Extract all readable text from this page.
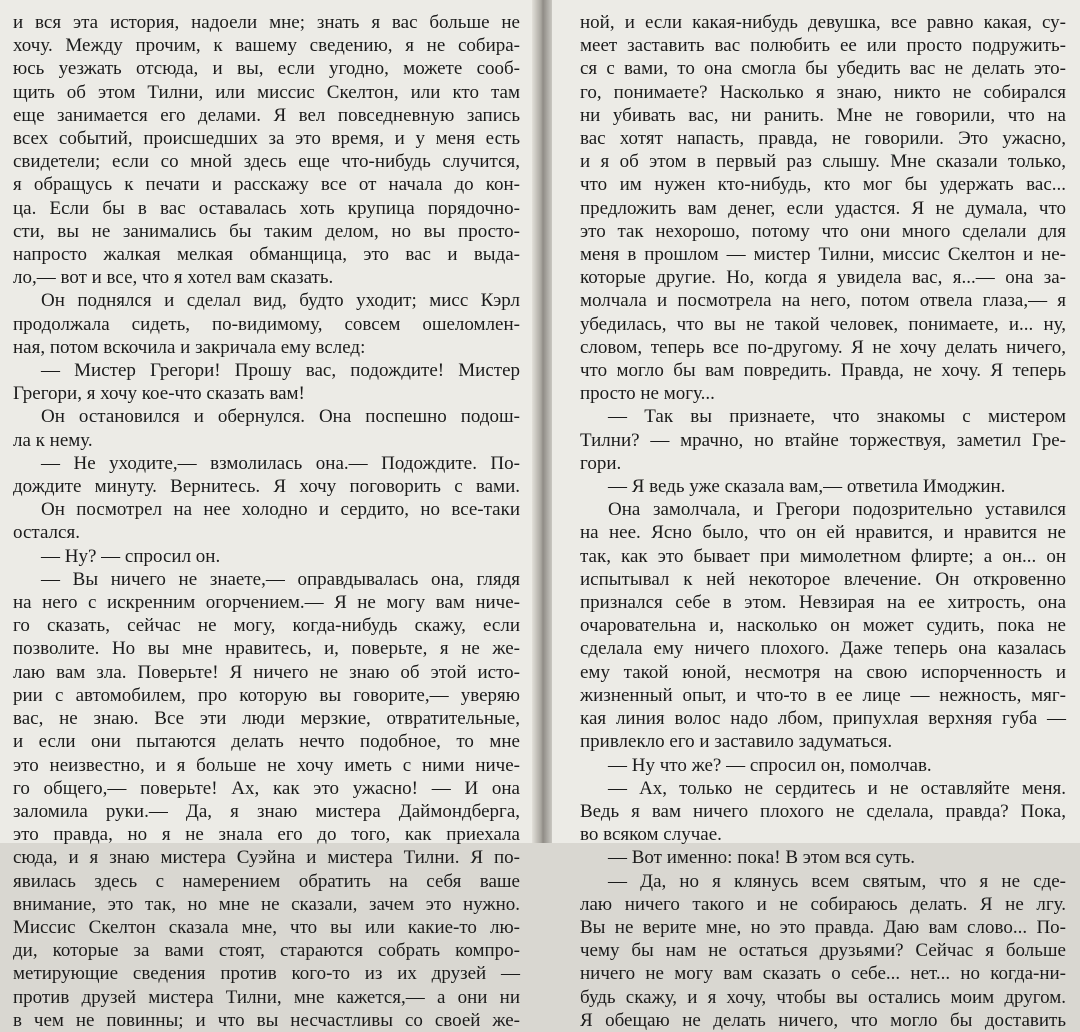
и вся эта история, надоели мне; знать я вас больше не

хочу. Между прочим, к вашему сведению, я не собира-

юсь уезжать отсюда, и вы, если угодно, можете сооб-

щить об этом Тилни, или миссис Скелтон, или кто там

еще занимается его делами. Я вел повседневную запись

всех событий, происшедших за это время, и у меня есть

свидетели; если со мной здесь еще что-нибудь случится,

я обращусь к печати и расскажу все от начала до кон-

ца. Если бы в вас оставалась хоть крупица порядочно-

сти, вы не занимались бы таким делом, но вы просто-

напросто жалкая мелкая обманщица, это вас и выда-

ло,— вот и все, что я хотел вам сказать.

Он поднялся и сделал вид, будто уходит; мисс Кэрл

продолжала сидеть, по-видимому, совсем ошеломлен-

ная, потом вскочила и закричала ему вслед:

— Мистер Грегори! Прошу вас, подождите! Мистер

Грегори, я хочу кое-что сказать вам!

Он остановился и обернулся. Она поспешно подош-

ла к нему.

— Не уходите,— взмолилась она.— Подождите. По-

дождите минуту. Вернитесь. Я хочу поговорить с вами.

Он посмотрел на нее холодно и сердито, но все-таки

остался.

— Ну? — спросил он.

— Вы ничего не знаете,— оправдывалась она, глядя

на него с искренним огорчением.— Я не могу вам ниче-

го сказать, сейчас не могу, когда-нибудь скажу, если

позволите. Но вы мне нравитесь, и, поверьте, я не же-

лаю вам зла. Поверьте! Я ничего не знаю об этой исто-

рии с автомобилем, про которую вы говорите,— уверяю

вас, не знаю. Все эти люди мерзкие, отвратительные,

и если они пытаются делать нечто подобное, то мне

это неизвестно, и я больше не хочу иметь с ними ниче-

го общего,— поверьте! Ах, как это ужасно! — И она

заломила руки.— Да, я знаю мистера Даймондберга,

это правда, но я не знала его до того, как приехала

сюда, и я знаю мистера Суэйна и мистера Тилни. Я по-

явилась здесь с намерением обратить на себя ваше

внимание, это так, но мне не сказали, зачем это нужно.

Миссис Скелтон сказала мне, что вы или какие-то лю-

ди, которые за вами стоят, стараются собрать компро-

метирующие сведения против кого-то из их друзей —

против друзей мистера Тилни, мне кажется,— а они ни

в чем не повинны; и что вы несчастливы со своей же-

ной, и если какая-нибудь девушка, все равно какая, су-

меет заставить вас полюбить ее или просто подружить-

ся с вами, то она смогла бы убедить вас не делать это-

го, понимаете? Насколько я знаю, никто не собирался

ни убивать вас, ни ранить. Мне не говорили, что на

вас хотят напасть, правда, не говорили. Это ужасно,

и я об этом в первый раз слышу. Мне сказали только,

что им нужен кто-нибудь, кто мог бы удержать вас...

предложить вам денег, если удастся. Я не думала, что

это так нехорошо, потому что они много сделали для

меня в прошлом — мистер Тилни, миссис Скелтон и не-

которые другие. Но, когда я увидела вас, я...— она за-

молчала и посмотрела на него, потом отвела глаза,— я

убедилась, что вы не такой человек, понимаете, и... ну,

словом, теперь все по-другому. Я не хочу делать ничего,

что могло бы вам повредить. Правда, не хочу. Я теперь

просто не могу...

— Так вы признаете, что знакомы с мистером

Тилни? — мрачно, но втайне торжествуя, заметил Гре-

гори.

— Я ведь уже сказала вам,— ответила Имоджин.

Она замолчала, и Грегори подозрительно уставился

на нее. Ясно было, что он ей нравится, и нравится не

так, как это бывает при мимолетном флирте; а он... он

испытывал к ней некоторое влечение. Он откровенно

признался себе в этом. Невзирая на ее хитрость, она

очаровательна и, насколько он может судить, пока не

сделала ему ничего плохого. Даже теперь она казалась

ему такой юной, несмотря на свою испорченность и

жизненный опыт, и что-то в ее лице — нежность, мяг-

кая линия волос надо лбом, припухлая верхняя губа —

привлекло его и заставило задуматься.

— Ну что же? — спросил он, помолчав.

— Ах, только не сердитесь и не оставляйте меня.

Ведь я вам ничего плохого не сделала, правда? Пока,

во всяком случае.

— Вот именно: пока! В этом вся суть.

— Да, но я клянусь всем святым, что я не сде-

лаю ничего такого и не собираюсь делать. Я не лгу.

Вы не верите мне, но это правда. Даю вам слово... По-

чему бы нам не остаться друзьями? Сейчас я больше

ничего не могу вам сказать о себе... нет... но когда-ни-

будь скажу, и я хочу, чтобы вы остались моим другом.

Я обещаю не делать ничего, что могло бы доставить
